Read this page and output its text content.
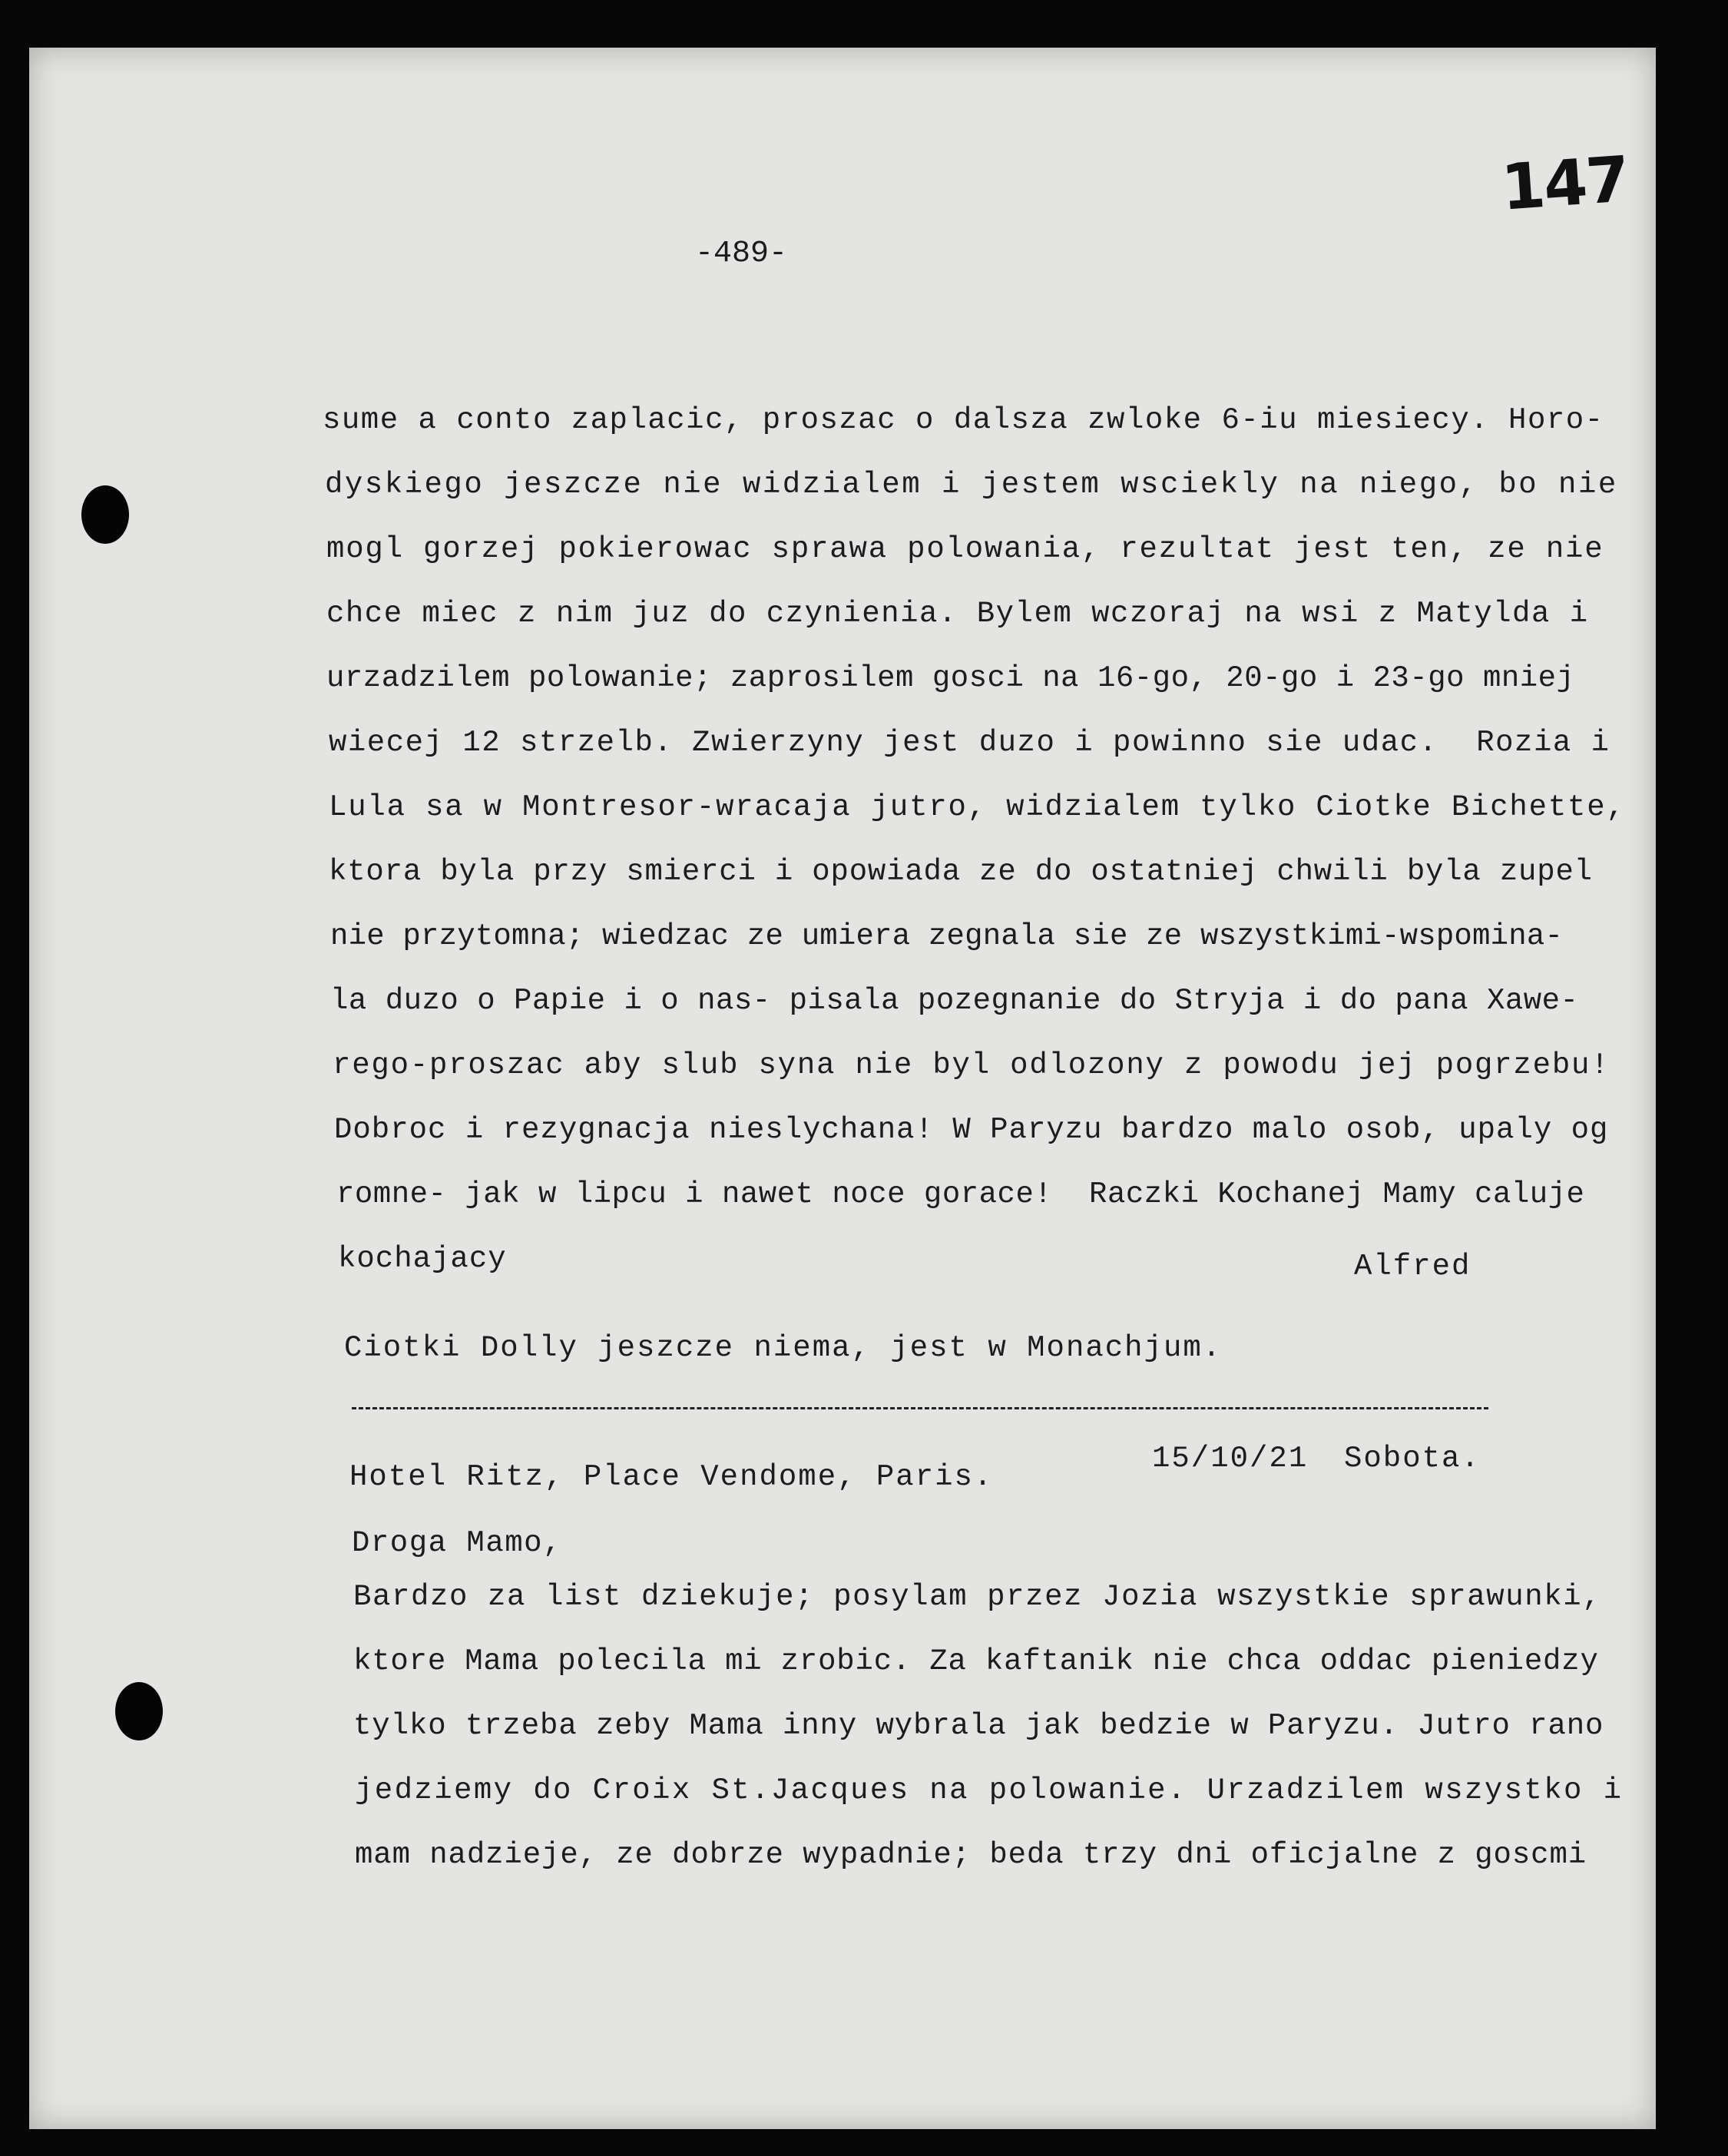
147
-489-
sume a conto zaplacic, proszac o dalsza zwloke 6-iu miesiecy. Horo-
dyskiego jeszcze nie widzialem i jestem wsciekly na niego, bo nie
mogl gorzej pokierowac sprawa polowania, rezultat jest ten, ze nie
chce miec z nim juz do czynienia. Bylem wczoraj na wsi z Matylda i
urzadzilem polowanie; zaprosilem gosci na 16-go, 20-go i 23-go mniej
wiecej 12 strzelb. Zwierzyny jest duzo i powinno sie udac.  Rozia i
Lula sa w Montresor-wracaja jutro, widzialem tylko Ciotke Bichette,
ktora byla przy smierci i opowiada ze do ostatniej chwili byla zupel
nie przytomna; wiedzac ze umiera zegnala sie ze wszystkimi-wspomina-
la duzo o Papie i o nas- pisala pozegnanie do Stryja i do pana Xawe-
rego-proszac aby slub syna nie byl odlozony z powodu jej pogrzebu!
Dobroc i rezygnacja nieslychana! W Paryzu bardzo malo osob, upaly og
romne- jak w lipcu i nawet noce gorace!  Raczki Kochanej Mamy caluje
kochajacy	Alfred
Ciotki Dolly jeszcze niema, jest w Monachjum.
Hotel Ritz, Place Vendome, Paris.
15/10/21 Sobota.
Droga Mamo,
Bardzo za list dziekuje; posylam przez Jozia wszystkie sprawunki,
ktore Mama polecila mi zrobic. Za kaftanik nie chca oddac pieniedzy
tylko trzeba zeby Mama inny wybrala jak bedzie w Paryzu. Jutro rano
jedziemy do Croix St.Jacques na polowanie. Urzadzilem wszystko i
mam nadzieje, ze dobrze wypadnie; beda trzy dni oficjalne z goscmi
